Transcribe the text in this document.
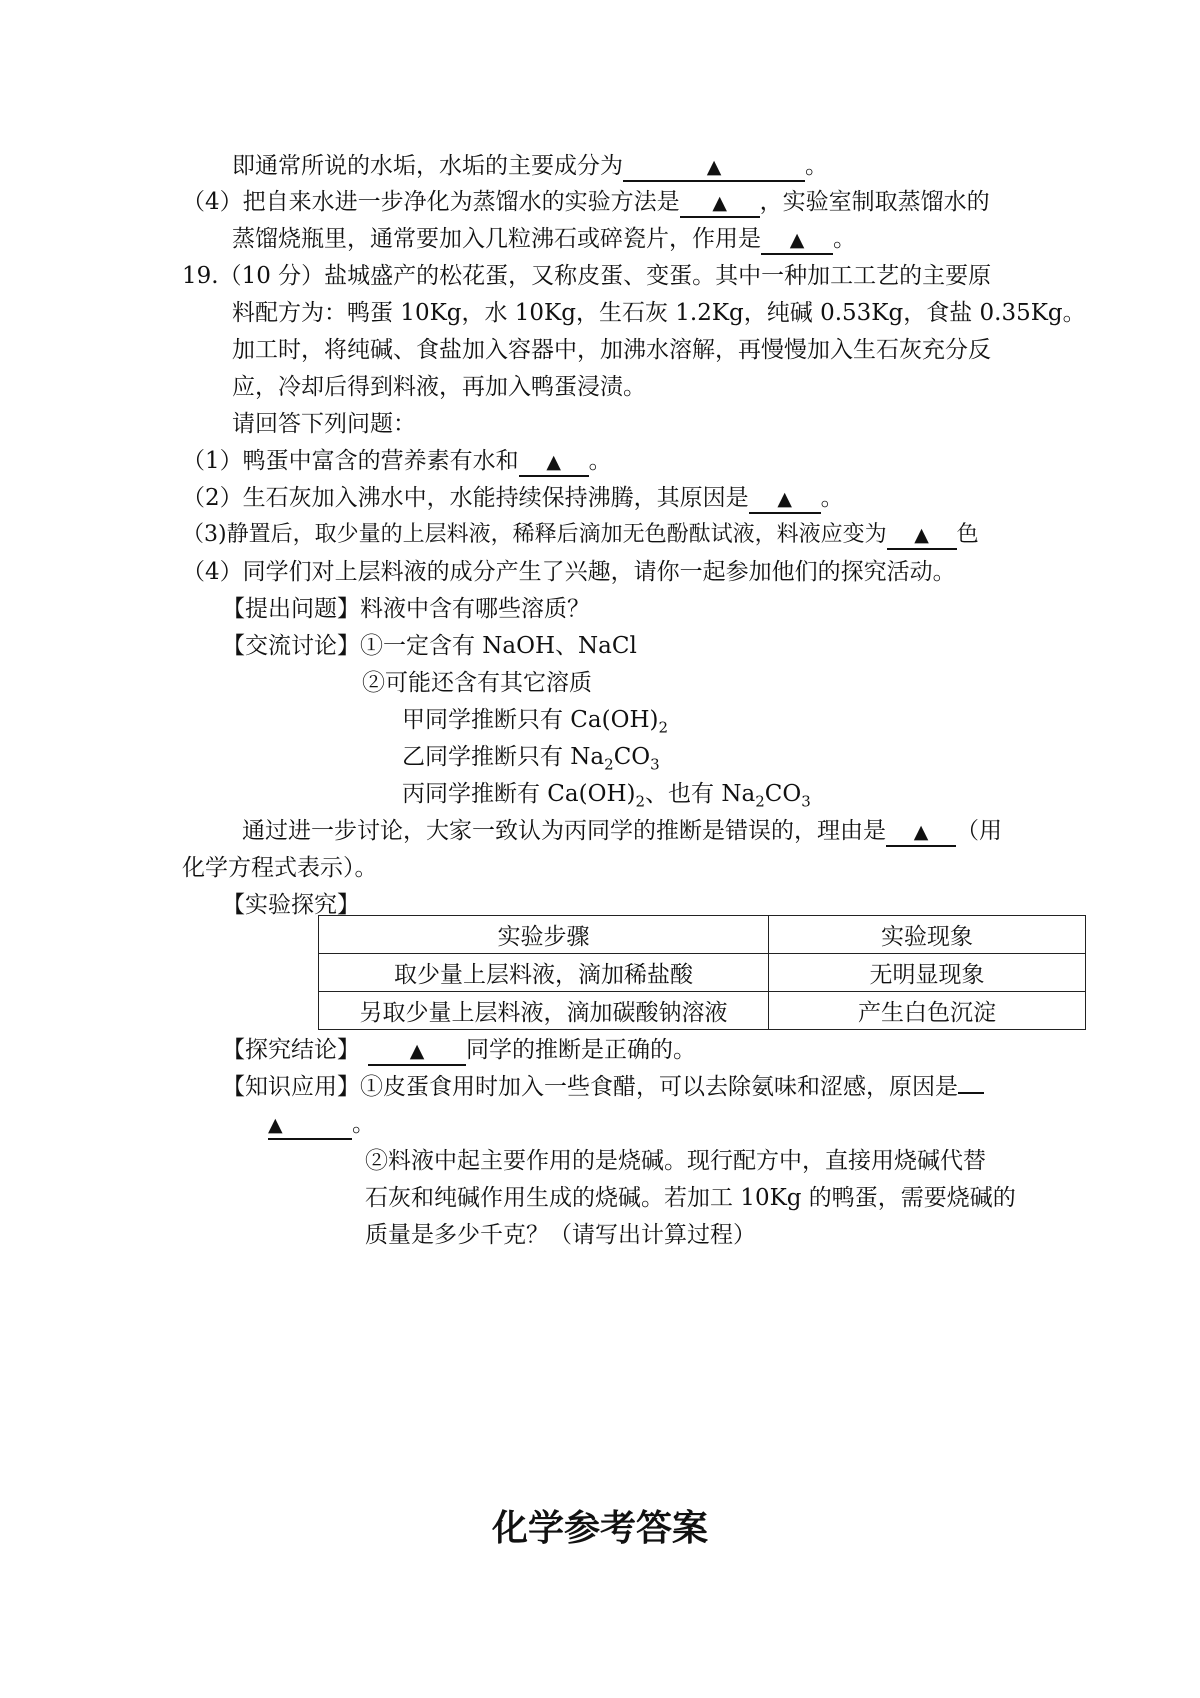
即通常所说的水垢，水垢的主要成分为	▲	。
（4）把自来水进一步净化为蒸馏水的实验方法是 ▲ ，实验室制取蒸馏水的
蒸馏烧瓶里，通常要加入几粒沸石或碎瓷片，作用是 ▲ 。
19.（10 分）盐城盛产的松花蛋，又称皮蛋、变蛋。其中一种加工工艺的主要原
料配方为：鸭蛋 10Kg，水 10Kg，生石灰 1.2Kg，纯碱 0.53Kg，食盐 0.35Kg。
加工时，将纯碱、食盐加入容器中，加沸水溶解，再慢慢加入生石灰充分反
应，冷却后得到料液，再加入鸭蛋浸渍。
请回答下列问题：
（1）鸭蛋中富含的营养素有水和 ▲ 。
（2）生石灰加入沸水中，水能持续保持沸腾，其原因是 ▲ 。
（3)静置后，取少量的上层料液，稀释后滴加无色酚酞试液，料液应变为 ▲ 色
（4）同学们对上层料液的成分产生了兴趣，请你一起参加他们的探究活动。
【提出问题】料液中含有哪些溶质？
【交流讨论】①一定含有 NaOH、NaCl
②可能还含有其它溶质
甲同学推断只有 $Ca(OH)_2$
乙同学推断只有 $Na_2CO_3$
丙同学推断有 $Ca(OH)_2$、也有 $Na_2CO_3$
通过进一步讨论，大家一致认为丙同学的推断是错误的，理由是 ▲ （用
化学方程式表示）。
【实验探究】
实验步骤	实验现象
取少量上层料液，滴加稀盐酸	无明显现象
另取少量上层料液，滴加碳酸钠溶液	产生白色沉淀
【探究结论】	▲ 同学的推断是正确的。
【知识应用】①皮蛋食用时加入一些食醋，可以去除氨味和涩感，原因是
▲	。
②料液中起主要作用的是烧碱。现行配方中，直接用烧碱代替
石灰和纯碱作用生成的烧碱。若加工 10Kg 的鸭蛋，需要烧碱的
质量是多少千克？（请写出计算过程）
化学参考答案
